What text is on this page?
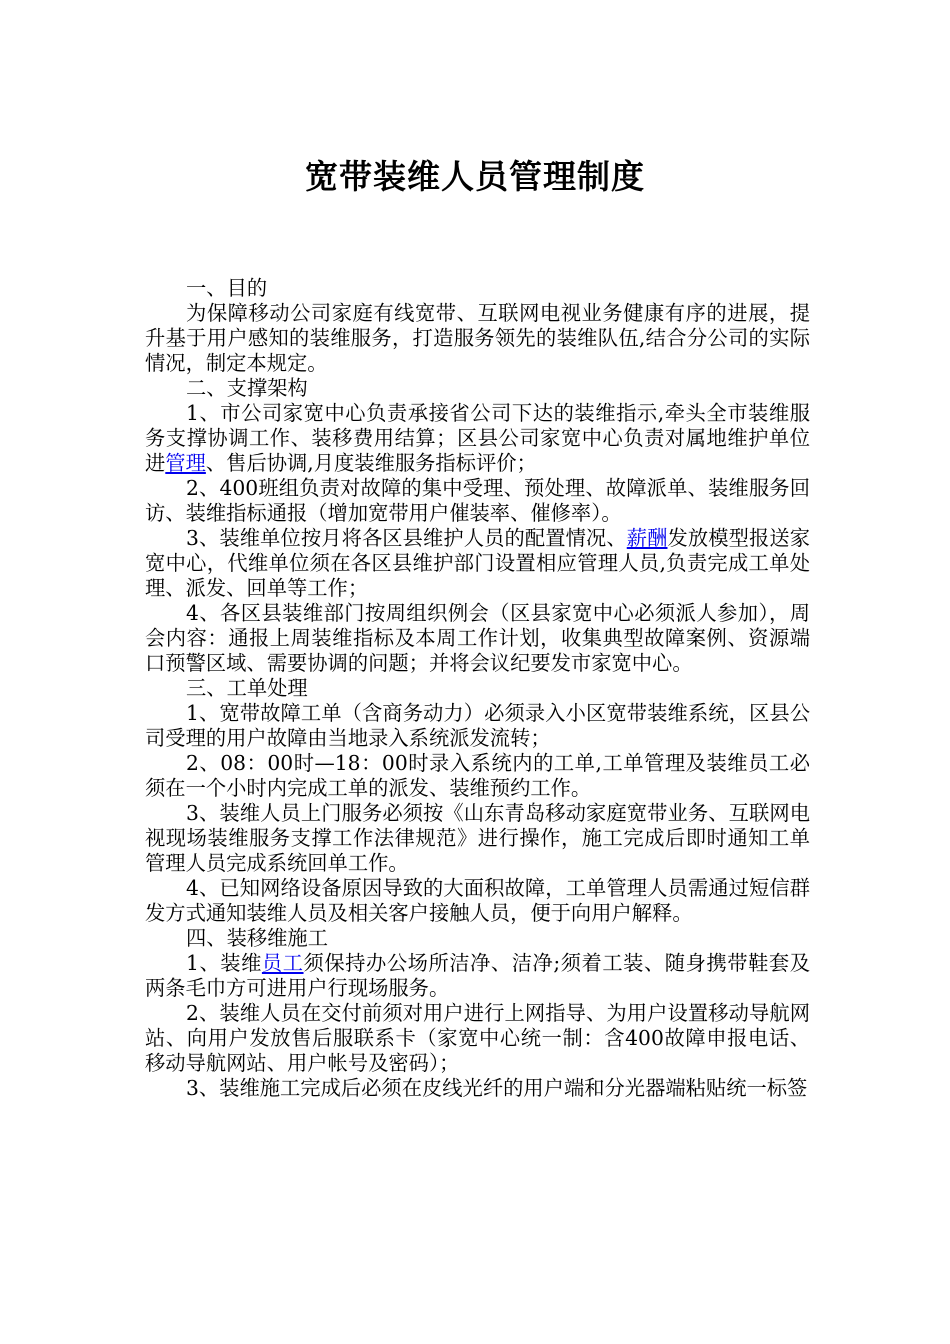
宽带装维人员管理制度

一、目的

为保障移动公司家庭有线宽带、互联网电视业务健康有序的进展，提升基于用户感知的装维服务，打造服务领先的装维队伍,结合分公司的实际情况，制定本规定。

二、支撑架构

1、市公司家宽中心负责承接省公司下达的装维指示,牵头全市装维服务支撑协调工作、装移费用结算；区县公司家宽中心负责对属地维护单位进管理、售后协调,月度装维服务指标评价；

2、400班组负责对故障的集中受理、预处理、故障派单、装维服务回访、装维指标通报（增加宽带用户催装率、催修率）。

3、装维单位按月将各区县维护人员的配置情况、薪酬发放模型报送家宽中心，代维单位须在各区县维护部门设置相应管理人员,负责完成工单处理、派发、回单等工作；

4、各区县装维部门按周组织例会（区县家宽中心必须派人参加），周会内容：通报上周装维指标及本周工作计划，收集典型故障案例、资源端口预警区域、需要协调的问题；并将会议纪要发市家宽中心。

三、工单处理

1、宽带故障工单（含商务动力）必须录入小区宽带装维系统，区县公司受理的用户故障由当地录入系统派发流转；

2、08：00时—18：00时录入系统内的工单,工单管理及装维员工必须在一个小时内完成工单的派发、装维预约工作。

3、装维人员上门服务必须按《山东青岛移动家庭宽带业务、互联网电视现场装维服务支撑工作法律规范》进行操作，施工完成后即时通知工单管理人员完成系统回单工作。

4、已知网络设备原因导致的大面积故障，工单管理人员需通过短信群发方式通知装维人员及相关客户接触人员，便于向用户解释。

四、装移维施工

1、装维员工须保持办公场所洁净、洁净;须着工装、随身携带鞋套及两条毛巾方可进用户行现场服务。

2、装维人员在交付前须对用户进行上网指导、为用户设置移动导航网站、向用户发放售后服联系卡（家宽中心统一制：含400故障申报电话、移动导航网站、用户帐号及密码）；

3、装维施工完成后必须在皮线光纤的用户端和分光器端粘贴统一标签
